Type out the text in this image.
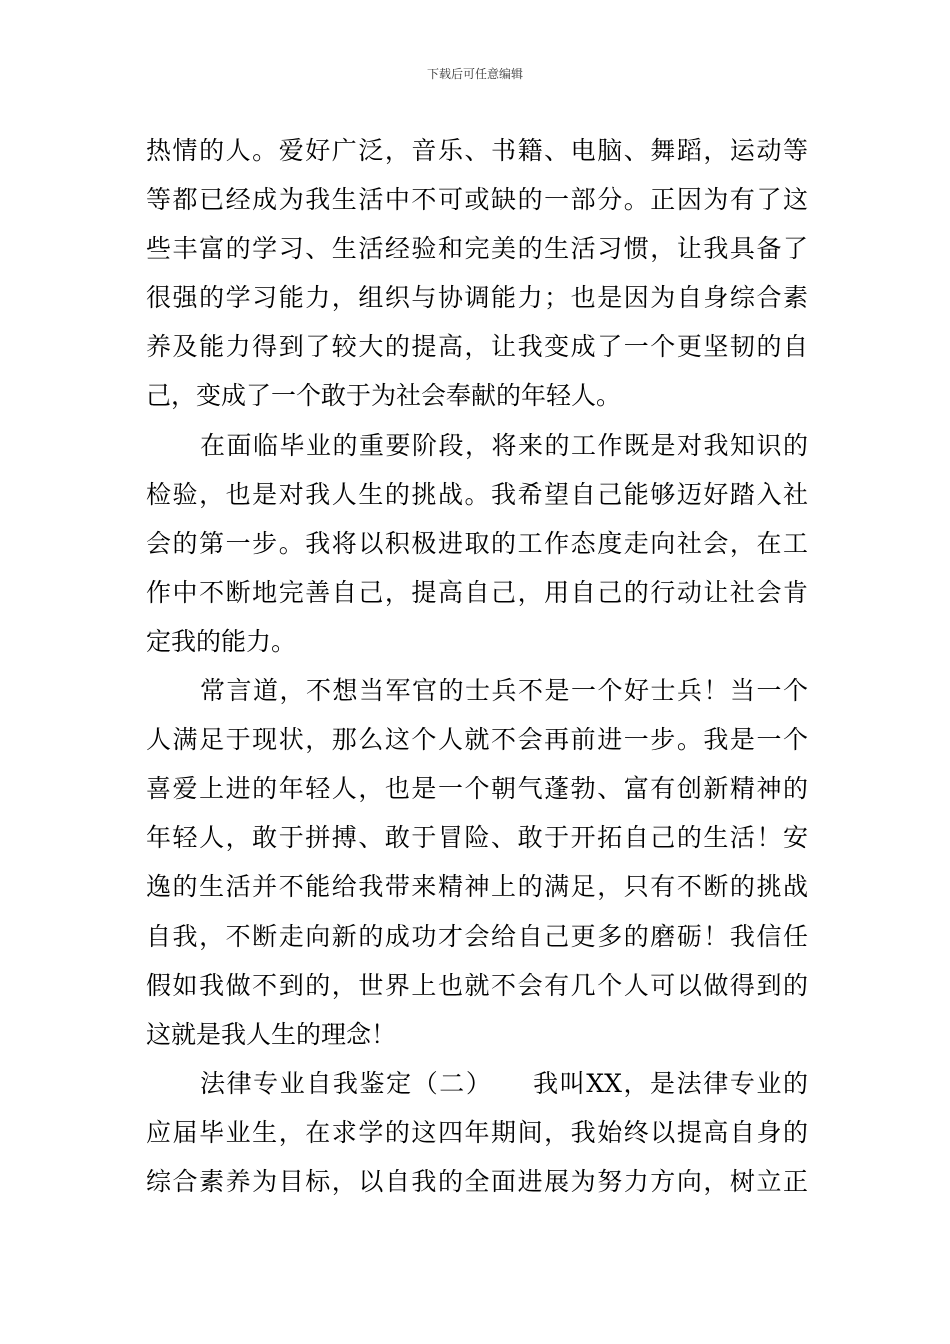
下载后可任意编辑
热情的人。爱好广泛，音乐、书籍、电脑、舞蹈，运动等
等都已经成为我生活中不可或缺的一部分。正因为有了这
些丰富的学习、生活经验和完美的生活习惯，让我具备了
很强的学习能力，组织与协调能力；也是因为自身综合素
养及能力得到了较大的提高，让我变成了一个更坚韧的自
己，变成了一个敢于为社会奉献的年轻人。
在面临毕业的重要阶段，将来的工作既是对我知识的
检验，也是对我人生的挑战。我希望自己能够迈好踏入社
会的第一步。我将以积极进取的工作态度走向社会，在工
作中不断地完善自己，提高自己，用自己的行动让社会肯
定我的能力。
常言道，不想当军官的士兵不是一个好士兵！当一个
人满足于现状，那么这个人就不会再前进一步。我是一个
喜爱上进的年轻人，也是一个朝气蓬勃、富有创新精神的
年轻人，敢于拼搏、敢于冒险、敢于开拓自己的生活！安
逸的生活并不能给我带来精神上的满足，只有不断的挑战
自我，不断走向新的成功才会给自己更多的磨砺！我信任
假如我做不到的，世界上也就不会有几个人可以做得到的
这就是我人生的理念！
法律专业自我鉴定（二）　　我叫XX，是法律专业的
应届毕业生，在求学的这四年期间，我始终以提高自身的
综合素养为目标，以自我的全面进展为努力方向，树立正
